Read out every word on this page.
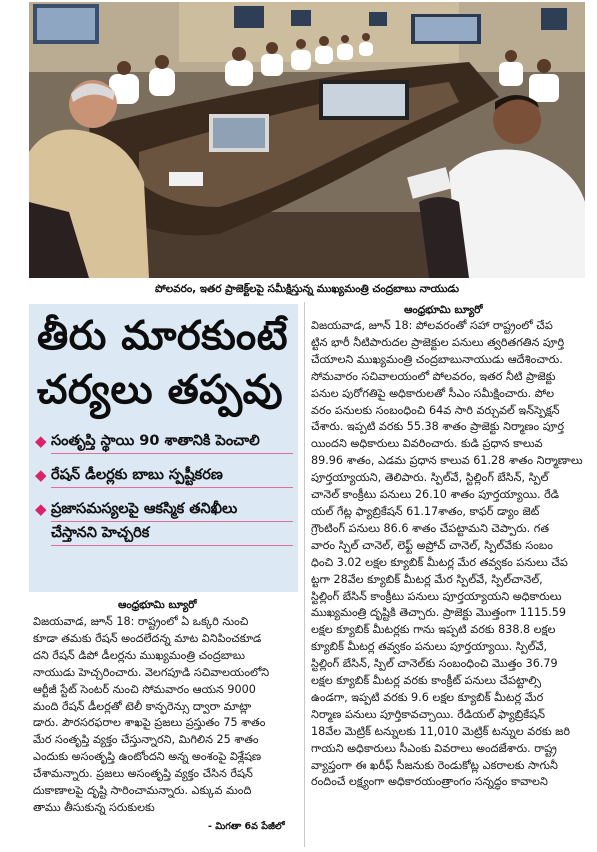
పోలవరం, ఇతర ప్రాజెక్ట్‌లపై సమీక్షిస్తున్న ముఖ్యమంత్రి చంద్రబాబు నాయుడు
తీరు మారకుంటే
చర్యలు తప్పవు
◆ సంతృప్తి స్థాయి 90 శాతానికి పెంచాలి
◆ రేషన్ డీలర్లకు బాబు స్పష్టీకరణ
◆ ప్రజాసమస్యలపై ఆకస్మిక తనిఖీలు
చేస్తానని హెచ్చరిక
ఆంధ్రభూమి బ్యూరో
విజయవాడ, జూన్ 18: రాష్ట్రంలో ఏ ఒక్కరి నుంచి
కూడా తమకు రేషన్ అందలేదన్న మాట వినిపించకూడ
దని రేషన్ డిపో డీలర్లను ముఖ్యమంత్రి చంద్రబాబు
నాయుడు హెచ్చరించారు. వెలగపూడి సచివాలయంలోని
ఆర్టీజీ స్టేట్ సెంటర్ నుంచి సోమవారం ఆయన 9000
మంది రేషన్ డీలర్లతో టెలీ కాన్ఫరెన్సు ద్వారా మాట్లా
డారు. పౌరసరఫరాల శాఖపై ప్రజలు ప్రస్తుతం 75 శాతం
మేర సంతృప్తి వ్యక్తం చేస్తున్నారని, మిగిలిన 25 శాతం
ఎందుకు అసంతృప్తి ఉంటోందని అన్న అంశంపై విశ్లేషణ
చేశామన్నారు. ప్రజలు అసంతృప్తి వ్యక్తం చేసిన రేషన్
దుకాణాలపై దృష్టి సారించామన్నారు. ఎక్కువ మంది
తాము తీసుకున్న సరుకులకు
- మిగతా 6వ పేజీలో
ఆంధ్రభూమి బ్యూరో
విజయవాడ, జూన్ 18: పోలవరంతో సహా రాష్ట్రంలో చేప
ట్టిన భారీ నీటిపారుదల ప్రాజెక్టుల పనులు త్వరితగతిన పూర్తి
చేయాలని ముఖ్యమంత్రి చంద్రబాబునాయుడు ఆదేశించారు.
సోమవారం సచివాలయంలో పోలవరం, ఇతర నీటి ప్రాజెక్టు
పనుల పురోగతిపై అధికారులతో సీఎం సమీక్షించారు. పోల
వరం పనులకు సంబంధించి 64వ సారి వర్చువల్ ఇన్‌స్పెక్షన్
చేశారు. ఇప్పటి వరకు 55.38 శాతం ప్రాజెక్టు నిర్మాణం పూర్త
యిందని అధికారులు వివరించారు. కుడి ప్రధాన కాలువ
89.96 శాతం, ఎడమ ప్రధాన కాలువ 61.28 శాతం నిర్మాణాలు
పూర్తయ్యాయని, తెలిపారు. స్పిల్‌వే, స్టిల్లింగ్ బేసిన్, స్పిల్
చానెల్ కాంక్రీటు పనులు 26.10 శాతం పూర్తయ్యాయి. రేడి
యల్ గేట్ల ఫ్యాబ్రికేషన్ 61.17శాతం, కాఫర్ డ్యాం జెట్
గ్రౌంటింగ్ పనులు 86.6 శాతం చేపట్టామని చెప్పారు. గత
వారం స్పిల్ చానెల్, లెఫ్ట్ అప్రోచ్ చానెల్, స్పిల్‌వేకు సంబం
ధించి 3.02 లక్షల క్యూబిక్ మీటర్ల మేర తవ్వకం పనులు చేప
ట్టగా 28వేల క్యూబిక్ మీటర్ల మేర స్పిల్‌వే, స్పిల్‌చానెల్,
స్టిల్లింగ్ బేసిన్ కాంక్రీటు పనులు పూర్తయ్యాయని అధికారులు
ముఖ్యమంత్రి దృష్టికి తెచ్చారు. ప్రాజెక్టు మొత్తంగా 1115.59
లక్షల క్యూబిక్ మీటర్లకు గాను ఇప్పటి వరకు 838.8 లక్షల
క్యూబిక్ మీటర్ల తవ్వకం పనులు పూర్తయ్యాయి. స్పిల్‌వే,
స్టిల్లింగ్ బేసిన్, స్పిల్ చానెల్‌కు సంబంధించి మొత్తం 36.79
లక్షల క్యూబిక్ మీటర్ల వరకు కాంక్రీట్ పనులు చేపట్టాల్సి
ఉండగా, ఇప్పటి వరకు 9.6 లక్షల క్యూబిక్ మీటర్ల మేర
నిర్మాణ పనులు పూర్తికావచ్చాయి. రేడియల్ ఫ్యాబ్రికేషన్
18వేల మెట్రిక్ టన్నులకు 11,010 మెట్రిక్ టన్నుల వరకు జరి
గాయని అధికారులు సీఎంకు వివరాలు అందజేశారు. రాష్ట్ర
వ్యాప్తంగా ఈ ఖరీఫ్ సీజనుకు రెండుకోట్ల ఎకరాలకు సాగునీ
రందించే లక్ష్యంగా అధికారయంత్రాంగం సన్నద్ధం కావాలని
